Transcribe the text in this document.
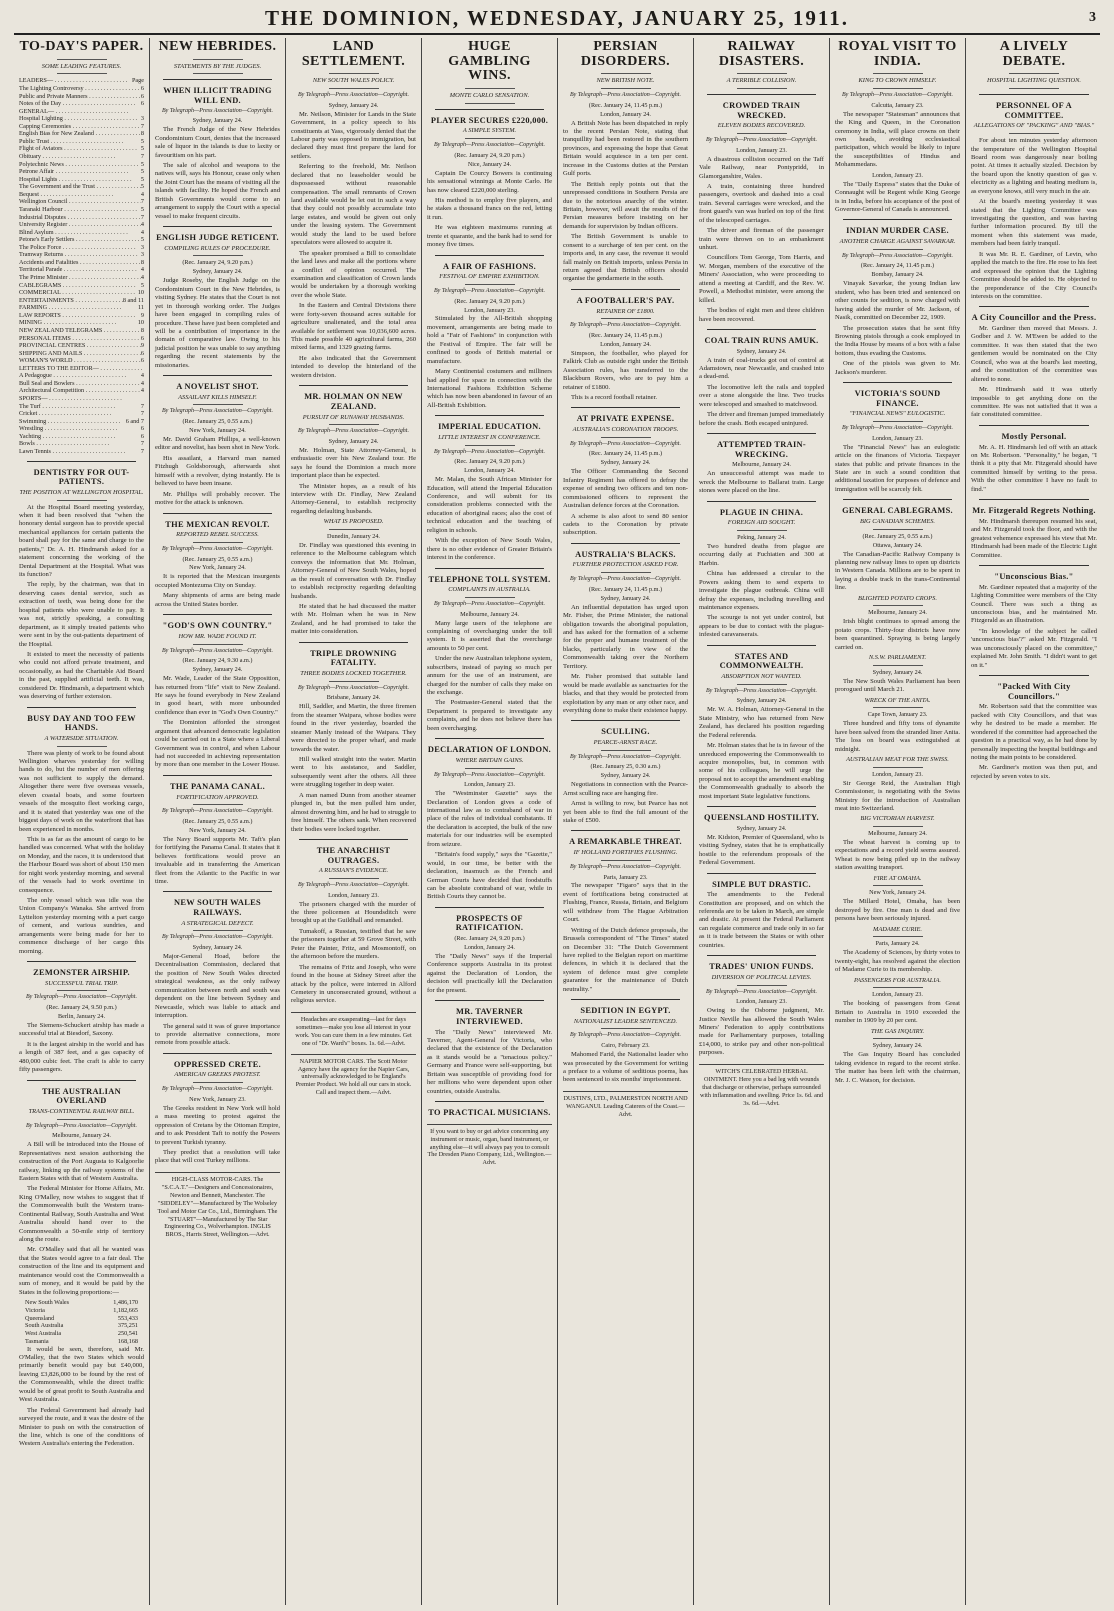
THE DOMINION, WEDNESDAY, JANUARY 25, 1911.	3
TO-DAY'S PAPER.
SOME LEADING FEATURES.
LEADERS— . . .	Page
The Lighting Controversy . . .	6
Public and Private Manners . . .	6
Notes of the Day . . .	6
GENERAL— . . .
Hospital Lighting . . .	3
Capping Ceremonies . . .	7
English Bias for New Zealand . . .	8
Public Trust . . .	5
Flight of Aviators . . .	5
Obituary . . .	7
Polytechnic News . . .	5
Petrone Affair . . .	5
Hospital Lights . . .	5
The Government and the Trust . . .	5
Bequest . . .	4
Wellington Council . . .	7
Taranaki Harbour . . .	5
Industrial Disputes . . .	7
University Register . . .	4
Blind Asylum . . .	4
Petone's Early Settlers . . .	5
The Police Force . . .	3
Tramway Returns . . .	3
Accidents and Fatalities . . .	8
Territorial Parade . . .	4
The Prime Minister . . .	4
CABLEGRAMS . . .	5
COMMERCIAL . . .	10
ENTERTAINMENTS . . .	8 and 11
FARMING . . .	11
LAW REPORTS . . .	9
MINING . . .	10
NEW ZEALAND TELEGRAMS . . .	8
PERSONAL ITEMS . . .	6
PROVINCIAL CENTRES . . .	9
SHIPPING AND MAILS . . .	6
WOMAN'S WORLD . . .	6
LETTERS TO THE EDITOR— . . .
A Pedagogue . . .	4
Bull Seal and Bowlers . . .	4
Architectural Competition . . .	4
SPORTS— . . .
The Turf . . .	7
Cricket . . .	7
Swimming . . .	6 and 7
Wrestling . . .	6
Yachting . . .	6
Bowls . . .	7
Lawn Tennis . . .	7
DENTISTRY FOR OUT-PATIENTS.
THE POSITION AT WELLINGTON HOSPITAL.

At the Hospital Board meeting yesterday, when it had been resolved that "when the honorary dental surgeon has to provide special mechanical appliances for certain patients the board shall pay for the same and charge to the patients," Dr. A. H. Hindmarsh asked for a statement concerning the working of the Dental Department at the Hospital. What was its function?

The reply, by the chairman, was that in deserving cases dental service, such as extraction of teeth, was being done for the hospital patients who were unable to pay. It was not, strictly speaking, a consulting department, as it simply treated patients who were sent in by the out-patients department of the Hospital.

It existed to meet the necessity of patients who could not afford private treatment, and occasionally, as had the Charitable Aid Board in the past, supplied artificial teeth. It was, considered Dr. Hindmarsh, a department which was deserving of further extension.

BUSY DAY AND TOO FEW HANDS.
A WATERSIDE SITUATION.

There was plenty of work to be found about Wellington wharves yesterday for willing hands to do, but the number of men offering was not sufficient to supply the demand. Altogether there were five overseas vessels, eleven coastal boats, and some fourteen vessels of the mosquito fleet working cargo, and it is stated that yesterday was one of the biggest days of work on the waterfront that has been experienced in months.

This is as far as the amount of cargo to be handled was concerned. What with the holiday on Monday, and the races, it is understood that the Harbour Board was short of about 150 men for night work yesterday morning, and several of the vessels had to work overtime in consequence.

The only vessel which was idle was the Union Company's Wanaka. She arrived from Lyttelton yesterday morning with a part cargo of cement, and various sundries, and arrangements were being made for her to commence discharge of her cargo this morning.

ZEMONSTER AIRSHIP.
SUCCESSFUL TRIAL TRIP.
By Telegraph—Press Association—Copyright.
(Rec. January 24, 9.50 p.m.)
Berlin, January 24.

The Siemens-Schuckert airship has made a successful trial at Biesdorf, Saxony.

It is the largest airship in the world and has a length of 387 feet, and a gas capacity of 480,000 cubic feet. The craft is able to carry fifty passengers.

THE AUSTRALIAN OVERLAND
TRANS-CONTINENTAL RAILWAY BILL.
By Telegraph—Press Association—Copyright.
Melbourne, January 24.

A Bill will be introduced into the House of Representatives next session authorising the construction of the Port Augusta to Kalgoorlie railway, linking up the railway systems of the Eastern States with that of Western Australia.

The Federal Minister for Home Affairs, Mr. King O'Malley, now wishes to suggest that if the Commonwealth built the Western trans-Continental Railway, South Australia and West Australia should hand over to the Commonwealth a 50-mile strip of territory along the route.

Mr. O'Malley said that all he wanted was that the States would agree to a fair deal. The construction of the line and its equipment and maintenance would cost the Commonwealth a sum of money, and it would be paid by the States in the following proportions:—

New South Wales	1,486,170
Victoria	1,182,665
Queensland	553,433
South Australia	375,251
West Australia	250,541
Tasmania	168,168

It would be seen, therefore, said Mr. O'Malley, that the two States which would primarily benefit would pay but £40,000, leaving £3,826,000 to be found by the rest of the Commonwealth, while the direct traffic would be of great profit to South Australia and West Australia.

The Federal Government had already had surveyed the route, and it was the desire of the Minister to push on with the construction of the line, which is one of the conditions of Western Australia's entering the Federation.

NEW HEBRIDES.
STATEMENTS BY THE JUDGES.
WHEN ILLICIT TRADING WILL END.
By Telegraph—Press Association—Copyright.
Sydney, January 24.

The French Judge of the New Hebrides Condominium Court, denies that the increased sale of liquor in the islands is due to laxity or favouritism on his part.

The sale of alcohol and weapons to the natives will, says his Honour, cease only when the Joint Court has the means of visiting all the islands with facility. He hoped the French and British Governments would come to an arrangement to supply the Court with a special vessel to make frequent circuits.

ENGLISH JUDGE RETICENT.
COMPILING RULES OF PROCEDURE.
(Rec. January 24, 9.20 p.m.)
Sydney, January 24.

Judge Roseby, the English Judge on the Condominium Court in the New Hebrides, is visiting Sydney. He states that the Court is not yet in thorough working order. The Judges have been engaged in compiling rules of procedure. These have just been completed and will be a contribution of importance in the domain of comparative law. Owing to his judicial position he was unable to say anything regarding the recent statements by the missionaries.

A NOVELIST SHOT.
ASSAILANT KILLS HIMSELF.
By Telegraph—Press Association—Copyright.
(Rec. January 25, 0.55 a.m.)
New York, January 24.

Mr. David Graham Phillips, a well-known editor and novelist, has been shot in New York.

His assailant, a Harvard man named Fitzhugh Goldsborough, afterwards shot himself with a revolver, dying instantly. He is believed to have been insane.

Mr. Phillips will probably recover. The motive for the attack is unknown.

THE MEXICAN REVOLT.
REPORTED REBEL SUCCESS.
By Telegraph—Press Association—Copyright.
(Rec. January 25, 0.55 a.m.)
New York, January 24.

It is reported that the Mexican insurgents occupied Montezuma City on Sunday.

Many shipments of arms are being made across the United States border.

"GOD'S OWN COUNTRY."
HOW MR. WADE FOUND IT.
By Telegraph—Press Association—Copyright.
(Rec. January 24, 9.30 a.m.)
Sydney, January 24.

Mr. Wade, Leader of the State Opposition, has returned from "life" visit to New Zealand. He says he found everybody in New Zealand in good heart, with more unbounded confidence than ever in "God's Own Country."

The Dominion afforded the strongest argument that advanced democratic legislation could be carried out in a State where a Liberal Government was in control, and when Labour had not succeeded in achieving representation by more than one member in the Lower House.

THE PANAMA CANAL.
FORTIFICATION APPROVED.
By Telegraph—Press Association—Copyright.
(Rec. January 25, 0.55 a.m.)
New York, January 24.

The Navy Board supports Mr. Taft's plan for fortifying the Panama Canal. It states that it believes fortifications would prove an invaluable aid in transferring the American fleet from the Atlantic to the Pacific in war time.

NEW SOUTH WALES RAILWAYS.
A STRATEGICAL DEFECT.
By Telegraph—Press Association—Copyright.
Sydney, January 24.

Major-General Hoad, before the Decentralisation Commission, declared that the position of New South Wales directed strategical weakness, as the only railway communication between north and south was dependent on the line between Sydney and Newcastle, which was liable to attack and interruption.

The general said it was of grave importance to provide alternative connections, more remote from possible attack.

OPPRESSED CRETE.
AMERICAN GREEKS PROTEST.
By Telegraph—Press Association—Copyright.
New York, January 23.

The Greeks resident in New York will hold a mass meeting to protest against the oppression of Cretans by the Ottoman Empire, and to ask President Taft to notify the Powers to prevent Turkish tyranny.

They predict that a resolution will take place that will cost Turkey millions.

HIGH-CLASS MOTOR-CARS. The "S.C.A.T."—Designers and Concessionaires, Newton and Bennett, Manchester. The "SIDDELEY"—Manufactured by The Wolseley Tool and Motor Car Co., Ltd., Birmingham. The "STUART"—Manufactured by The Star Engineering Co., Wolverhampton. INGLIS BROS., Harris Street, Wellington.—Advt.
LAND SETTLEMENT.
NEW SOUTH WALES POLICY.
By Telegraph—Press Association—Copyright.
Sydney, January 24.

Mr. Neilson, Minister for Lands in the State Government, in a policy speech to his constituents at Yass, vigorously denied that the Labour party was opposed to immigration, but declared they must first prepare the land for settlers.

Referring to the freehold, Mr. Neilson declared that no leaseholder would be dispossessed without reasonable compensation. The small remnants of Crown land available would be let out in such a way that they could not possibly accumulate into large estates, and would be given out only under the leasing system. The Government would study the land to be used before speculators were allowed to acquire it.

The speaker promised a Bill to consolidate the land laws and make all the portions where a conflict of opinion occurred. The examination and classification of Crown lands would be undertaken by a thorough working over the whole State.

In the Eastern and Central Divisions there were forty-seven thousand acres suitable for agriculture unalienated, and the total area available for settlement was 10,036,600 acres. This made possible 40 agricultural farms, 260 mixed farms, and 1329 grazing farms.

He also indicated that the Government intended to develop the hinterland of the western division.

MR. HOLMAN ON NEW ZEALAND.
PURSUIT OF RUNAWAY HUSBANDS.
By Telegraph—Press Association—Copyright.
Sydney, January 24.

Mr. Holman, State Attorney-General, is enthusiastic over his New Zealand tour. He says he found the Dominion a much more important place than he expected.

The Minister hopes, as a result of his interview with Dr. Findlay, New Zealand Attorney-General, to establish reciprocity regarding defaulting husbands.

WHAT IS PROPOSED.
Dunedin, January 24.

Dr. Findlay was questioned this evening in reference to the Melbourne cablegram which conveys the information that Mr. Holman, Attorney-General of New South Wales, hoped as the result of conversation with Dr. Findlay to establish reciprocity regarding defaulting husbands.

He stated that he had discussed the matter with Mr. Holman when he was in New Zealand, and he had promised to take the matter into consideration.

TRIPLE DROWNING FATALITY.
THREE BODIES LOCKED TOGETHER.
By Telegraph—Press Association—Copyright.
Brisbane, January 24.

Hill, Saddler, and Martin, the three firemen from the steamer Waipara, whose bodies were found in the river yesterday, boarded the steamer Manly instead of the Waipara. They were directed to the proper wharf, and made towards the water.

Hill walked straight into the water. Martin went to his assistance, and Saddler, subsequently went after the others. All three were struggling together in deep water.

A man named Dunn from another steamer plunged in, but the men pulled him under, almost drowning him, and he had to struggle to free himself. The others sank. When recovered their bodies were locked together.

THE ANARCHIST OUTRAGES.
A RUSSIAN'S EVIDENCE.
By Telegraph—Press Association—Copyright.
London, January 23.

The prisoners charged with the murder of the three policemen at Houndsditch were brought up at the Guildhall and remanded.

Tumakoff, a Russian, testified that he saw the prisoners together at 59 Grove Street, with Peter the Painter, Fritz, and Mosmontoff, on the afternoon before the murders.

The remains of Fritz and Joseph, who were found in the house at Sidney Street after the attack by the police, were interred in Alford Cemetery in unconsecrated ground, without a religious service.

Headaches are exasperating—last for days sometimes—make you lose all interest in your work. You can cure them in a few minutes. Get one of "Dr. Ward's" boxes. 1s. 6d.—Advt.
NAPIER MOTOR CARS. The Scott Motor Agency have the agency for the Napier Cars, universally acknowledged to be England's Premier Product. We hold all our cars in stock. Call and inspect them.—Advt.
HUGE GAMBLING WINS.
MONTE CARLO SENSATION.
PLAYER SECURES £220,000.
A SIMPLE SYSTEM.
By Telegraph—Press Association—Copyright.
(Rec. January 24, 9.20 p.m.)
Nice, January 24.

Captain De Courcy Bowers is continuing his sensational winnings at Monte Carlo. He has now cleared £220,000 sterling.

His method is to employ five players, and he stakes a thousand francs on the red, letting it run.

He was eighteen maximums running at trente et quarante, and the bank had to send for money five times.

A FAIR OF FASHIONS.
FESTIVAL OF EMPIRE EXHIBITION.
By Telegraph—Press Association—Copyright.
(Rec. January 24, 9.20 p.m.)
London, January 23.

Stimulated by the All-British shopping movement, arrangements are being made to hold a "Fair of Fashions" in conjunction with the Festival of Empire. The fair will be confined to goods of British material or manufacture.

Many Continental costumers and milliners had applied for space in connection with the International Fashions Exhibition Scheme which has now been abandoned in favour of an All-British Exhibition.

IMPERIAL EDUCATION.
LITTLE INTEREST IN CONFERENCE.
By Telegraph—Press Association—Copyright.
(Rec. January 24, 9.20 p.m.)
London, January 24.

Mr. Malan, the South African Minister for Education, will attend the Imperial Education Conference, and will submit for its consideration problems connected with the education of aboriginal races; also the cost of technical education and the teaching of religion in schools.

With the exception of New South Wales, there is no other evidence of Greater Britain's interest in the conference.

TELEPHONE TOLL SYSTEM.
COMPLAINTS IN AUSTRALIA.
By Telegraph—Press Association—Copyright.
Melbourne, January 24.

Many large users of the telephone are complaining of overcharging under the toll system. It is asserted that the overcharge amounts to 50 per cent.

Under the new Australian telephone system, subscribers, instead of paying so much per annum for the use of an instrument, are charged for the number of calls they make on the exchange.

The Postmaster-General stated that the Department is prepared to investigate any complaints, and he does not believe there has been overcharging.

DECLARATION OF LONDON.
WHERE BRITAIN GAINS.
By Telegraph—Press Association—Copyright.
London, January 23.

The "Westminster Gazette" says the Declaration of London gives a code of international law as to contraband of war in place of the rules of individual combatants. If the declaration is accepted, the bulk of the raw materials for our industries will be exempted from seizure.

"Britain's food supply," says the "Gazette," would, in our time, be better with the declaration, inasmuch as the French and German Courts have decided that foodstuffs can be absolute contraband of war, while in British Courts they cannot be.

PROSPECTS OF RATIFICATION.
(Rec. January 24, 9.20 p.m.)
London, January 24.

The "Daily News" says if the Imperial Conference supports Australia in its protest against the Declaration of London, the decision will practically kill the Declaration for the present.

MR. TAVERNER INTERVIEWED.

The "Daily News" interviewed Mr. Taverner, Agent-General for Victoria, who declared that the existence of the Declaration as it stands would be a "tenacious policy." Germany and France were self-supporting, but Britain was susceptible of providing food for her millions who were dependent upon other countries, outside Australia.

TO PRACTICAL MUSICIANS.
If you want to buy or get advice concerning any instrument or music, organ, band instrument, or anything else—it will always pay you to consult The Dresden Piano Company, Ltd., Wellington.—Advt.
PERSIAN DISORDERS.
NEW BRITISH NOTE.
By Telegraph—Press Association—Copyright.
(Rec. January 24, 11.45 p.m.)
London, January 24.

A British Note has been dispatched in reply to the recent Persian Note, stating that tranquillity had been restored in the southern provinces, and expressing the hope that Great Britain would acquiesce in a ten per cent. increase in the Customs duties at the Persian Gulf ports.

The British reply points out that the unrepressed conditions in Southern Persia are due to the notorious anarchy of the winter. Britain, however, will await the results of the Persian measures before insisting on her demands for supervision by Indian officers.

The British Government is unable to consent to a surcharge of ten per cent. on the imports and, in any case, the revenue it would fall mainly on British imports, unless Persia in return agreed that British officers should organise the gendarmerie in the south.

A FOOTBALLER'S PAY.
RETAINER OF £1800.
By Telegraph—Press Association—Copyright.
(Rec. January 24, 11.45 p.m.)
London, January 24.

Simpson, the footballer, who played for Falkirk Club as outside right under the British Association rules, has transferred to the Blackburn Rovers, who are to pay him a retainer of £1800.

This is a record football retainer.

AT PRIVATE EXPENSE.
AUSTRALIA'S CORONATION TROOPS.
By Telegraph—Press Association—Copyright.
(Rec. January 24, 11.45 p.m.)
Sydney, January 24.

The Officer Commanding the Second Infantry Regiment has offered to defray the expense of sending two officers and ten non-commissioned officers to represent the Australian defence forces at the Coronation.

A scheme is also afoot to send 80 senior cadets to the Coronation by private subscription.

AUSTRALIA'S BLACKS.
FURTHER PROTECTION ASKED FOR.
By Telegraph—Press Association—Copyright.
(Rec. January 24, 11.45 p.m.)
Sydney, January 24.

An influential deputation has urged upon Mr. Fisher, the Prime Minister, the national obligation towards the aboriginal population, and has asked for the formation of a scheme for the proper and humane treatment of the blacks, particularly in view of the Commonwealth taking over the Northern Territory.

Mr. Fisher promised that suitable land would be made available as sanctuaries for the blacks, and that they would be protected from exploitation by any man or any other race, and everything done to make their existence happy.

SCULLING.
PEARCE-ARNST RACE.
By Telegraph—Press Association—Copyright.
(Rec. January 25, 0.30 a.m.)
Sydney, January 24.

Negotiations in connection with the Pearce-Arnst sculling race are hanging fire.

Arnst is willing to row, but Pearce has not yet been able to find the full amount of the stake of £500.

A REMARKABLE THREAT.
IF HOLLAND FORTIFIES FLUSHING.
By Telegraph—Press Association—Copyright.
Paris, January 23.

The newspaper "Figaro" says that in the event of fortifications being constructed at Flushing, France, Russia, Britain, and Belgium will withdraw from The Hague Arbitration Court.

Writing of the Dutch defence proposals, the Brussels correspondent of "The Times" stated on December 31: "The Dutch Government have replied to the Belgian report on maritime defences, in which it is declared that the system of defence must give complete guarantee for the maintenance of Dutch neutrality."

SEDITION IN EGYPT.
NATIONALIST LEADER SENTENCED.
By Telegraph—Press Association—Copyright.
Cairo, February 23.

Mahomed Farid, the Nationalist leader who was prosecuted by the Government for writing a preface to a volume of seditious poems, has been sentenced to six months' imprisonment.

DUSTIN'S, LTD., PALMERSTON NORTH AND WANGANUI. Leading Caterers of the Coast.—Advt.
RAILWAY DISASTERS.
A TERRIBLE COLLISION.
CROWDED TRAIN WRECKED.
ELEVEN BODIES RECOVERED.
By Telegraph—Press Association—Copyright.
London, January 23.

A disastrous collision occurred on the Taff Vale Railway, near Pontypridd, in Glamorganshire, Wales.

A train, containing three hundred passengers, overtook and dashed into a coal train. Several carriages were wrecked, and the front guard's van was hurled on top of the first of the telescoped carriages.

The driver and fireman of the passenger train were thrown on to an embankment unhurt.

Councillors Tom George, Tom Harris, and W. Morgan, members of the executive of the Miners' Association, who were proceeding to attend a meeting at Cardiff, and the Rev. W. Powell, a Methodist minister, were among the killed.

The bodies of eight men and three children have been recovered.

COAL TRAIN RUNS AMUK.
Sydney, January 24.

A train of coal-trucks got out of control at Adamstown, near Newcastle, and crashed into a dead-end.

The locomotive left the rails and toppled over a stone alongside the line. Two trucks were telescoped and smashed to matchwood.

The driver and fireman jumped immediately before the crash. Both escaped uninjured.

ATTEMPTED TRAIN-WRECKING.
Melbourne, January 24.

An unsuccessful attempt was made to wreck the Melbourne to Ballarat train. Large stones were placed on the line.

PLAGUE IN CHINA.
FOREIGN AID SOUGHT.
Peking, January 24.

Two hundred deaths from plague are occurring daily at Fuchiatien and 300 at Harbin.

China has addressed a circular to the Powers asking them to send experts to investigate the plague outbreak. China will defray the expenses, including travelling and maintenance expenses.

The scourge is not yet under control, but appears to be due to contact with the plague-infested caravanserais.

STATES AND COMMONWEALTH.
ABSORPTION NOT WANTED.
By Telegraph—Press Association—Copyright.
Sydney, January 24.

Mr. W. A. Holman, Attorney-General in the State Ministry, who has returned from New Zealand, has declared his position regarding the Federal referenda.

Mr. Holman states that he is in favour of the unreduced empowering the Commonwealth to acquire monopolies, but, in common with some of his colleagues, he will urge the proposal not to accept the amendment enabling the Commonwealth gradually to absorb the most important State legislative functions.

QUEENSLAND HOSTILITY.
Sydney, January 24.

Mr. Kidston, Premier of Queensland, who is visiting Sydney, states that he is emphatically hostile to the referendum proposals of the Federal Government.

SIMPLE BUT DRASTIC.

The amendments to the Federal Constitution are proposed, and on which the referenda are to be taken in March, are simple and drastic. At present the Federal Parliament can regulate commerce and trade only in so far as it is trade between the States or with other countries.

TRADES' UNION FUNDS.
DIVERSION OF POLITICAL LEVIES.
By Telegraph—Press Association—Copyright.
London, January 23.

Owing to the Osborne judgment, Mr. Justice Neville has allowed the South Wales Miners' Federation to apply contributions made for Parliamentary purposes, totalling £14,000, to strike pay and other non-political purposes.

WITCH'S CELEBRATED HERBAL OINTMENT. Here you a bad leg with wounds that discharge or otherwise, perhaps surrounded with inflammation and swelling. Price 1s. 6d. and 3s. 6d.—Advt.
ROYAL VISIT TO INDIA.
KING TO CROWN HIMSELF.
By Telegraph—Press Association—Copyright.
Calcutta, January 23.

The newspaper "Statesman" announces that the King and Queen, in the Coronation ceremony in India, will place crowns on their own heads, avoiding ecclesiastical participation, which would be likely to injure the susceptibilities of Hindus and Mohammedans.

London, January 23.

The "Daily Express" states that the Duke of Connaught will be Regent while King George is in India, before his acceptance of the post of Governor-General of Canada is announced.

INDIAN MURDER CASE.
ANOTHER CHARGE AGAINST SAVARKAR.
By Telegraph—Press Association—Copyright.
(Rec. January 24, 11.45 p.m.)
Bombay, January 24.

Vinayak Savarkar, the young Indian law student, who has been tried and sentenced on other counts for sedition, is now charged with having aided the murder of Mr. Jackson, of Nasik, committed on December 22, 1909.

The prosecution states that he sent fifty Browning pistols through a cook employed in the India House by means of a box with a false bottom, thus evading the Customs.

One of the pistols was given to Mr. Jackson's murderer.

VICTORIA'S SOUND FINANCE.
"FINANCIAL NEWS" EULOGISTIC.
By Telegraph—Press Association—Copyright.
London, January 23.

The "Financial News" has an eulogistic article on the finances of Victoria. Taxpayer states that public and private finances in the State are in such a sound condition that additional taxation for purposes of defence and immigration will be scarcely felt.

GENERAL CABLEGRAMS.
BIG CANADIAN SCHEMES.
(Rec. January 25, 0.55 a.m.)
Ottawa, January 24.

The Canadian-Pacific Railway Company is planning new railway lines to open up districts in Western Canada. Millions are to be spent in laying a double track in the trans-Continental line.

BLIGHTED POTATO CROPS.
Melbourne, January 24.

Irish blight continues to spread among the potato crops. Thirty-four districts have now been quarantined. Spraying is being largely carried on.

N.S.W. PARLIAMENT.
Sydney, January 24.

The New South Wales Parliament has been prorogued until March 21.

WRECK OF THE ANITA.
Cape Town, January 23.

Three hundred and fifty tons of dynamite have been salved from the stranded liner Anita. The loss on board was extinguished at midnight.

AUSTRALIAN MEAT FOR THE SWISS.
London, January 23.

Sir George Reid, the Australian High Commissioner, is negotiating with the Swiss Ministry for the introduction of Australian meat into Switzerland.

BIG VICTORIAN HARVEST.
Melbourne, January 24.

The wheat harvest is coming up to expectations and a record yield seems assured. Wheat is now being piled up in the railway station awaiting transport.

FIRE AT OMAHA.
New York, January 24.

The Millard Hotel, Omaha, has been destroyed by fire. One man is dead and five persons have been seriously injured.

MADAME CURIE.
Paris, January 24.

The Academy of Sciences, by thirty votes to twenty-eight, has resolved against the election of Madame Curie to its membership.

PASSENGERS FOR AUSTRALIA.
London, January 23.

The booking of passengers from Great Britain to Australia in 1910 exceeded the number in 1909 by 20 per cent.

THE GAS INQUIRY.
Sydney, January 24.

The Gas Inquiry Board has concluded taking evidence in regard to the recent strike. The matter has been left with the chairman, Mr. J. C. Watson, for decision.

A LIVELY DEBATE.
HOSPITAL LIGHTING QUESTION.
PERSONNEL OF A COMMITTEE.
ALLEGATIONS OF "PACKING" AND "BIAS."

For about ten minutes yesterday afternoon the temperature of the Wellington Hospital Board room was dangerously near boiling point. At times it actually sizzled. Decision by the board upon the knotty question of gas v. electricity as a lighting and heating medium is, as everyone knows, still very much in the air.

At the board's meeting yesterday it was stated that the Lighting Committee was investigating the question, and was having further information procured. By till the moment when this statement was made, members had been fairly tranquil.

It was Mr. R. E. Gardiner, of Levin, who applied the match to the fire. He rose to his feet and expressed the opinion that the Lighting Committee should be added to. He objected to the preponderance of the City Council's interests on the committee.

A City Councillor and the Press.

Mr. Gardiner then moved that Messrs. J. Godber and J. W. M'Ewen be added to the committee. It was then stated that the two gentlemen would be nominated on the City Council, who was at the board's last meeting, and the constitution of the committee was altered to none.

Mr. Hindmarsh said it was utterly impossible to get anything done on the committee. He was not satisfied that it was a fair constituted committee.

Mostly Personal.

Mr. A. H. Hindmarsh led off with an attack on Mr. Robertson. "Personality," he began, "I think it a pity that Mr. Fitzgerald should have committed himself by writing to the press. With the other committee I have no fault to find."

Mr. Fitzgerald Regrets Nothing.

Mr. Hindmarsh thereupon resumed his seat, and Mr. Fitzgerald took the floor, and with the greatest vehemence expressed his view that Mr. Hindmarsh had been made of the Electric Light Committee.

"Unconscious Bias."

Mr. Gardiner repeated that a majority of the Lighting Committee were members of the City Council. There was such a thing as unconscious bias, and he maintained Mr. Fitzgerald as an illustration.

"In knowledge of the subject he called 'unconscious bias'?" asked Mr. Fitzgerald. "I was unconsciously placed on the committee," explained Mr. John Smith. "I didn't want to get on it."

"Packed With City Councillors."

Mr. Robertson said that the committee was packed with City Councillors, and that was why he desired to be made a member. He wondered if the committee had approached the question in a practical way, as he had done by personally inspecting the hospital buildings and noting the main points to be considered.

Mr. Gardiner's motion was then put, and rejected by seven votes to six.
